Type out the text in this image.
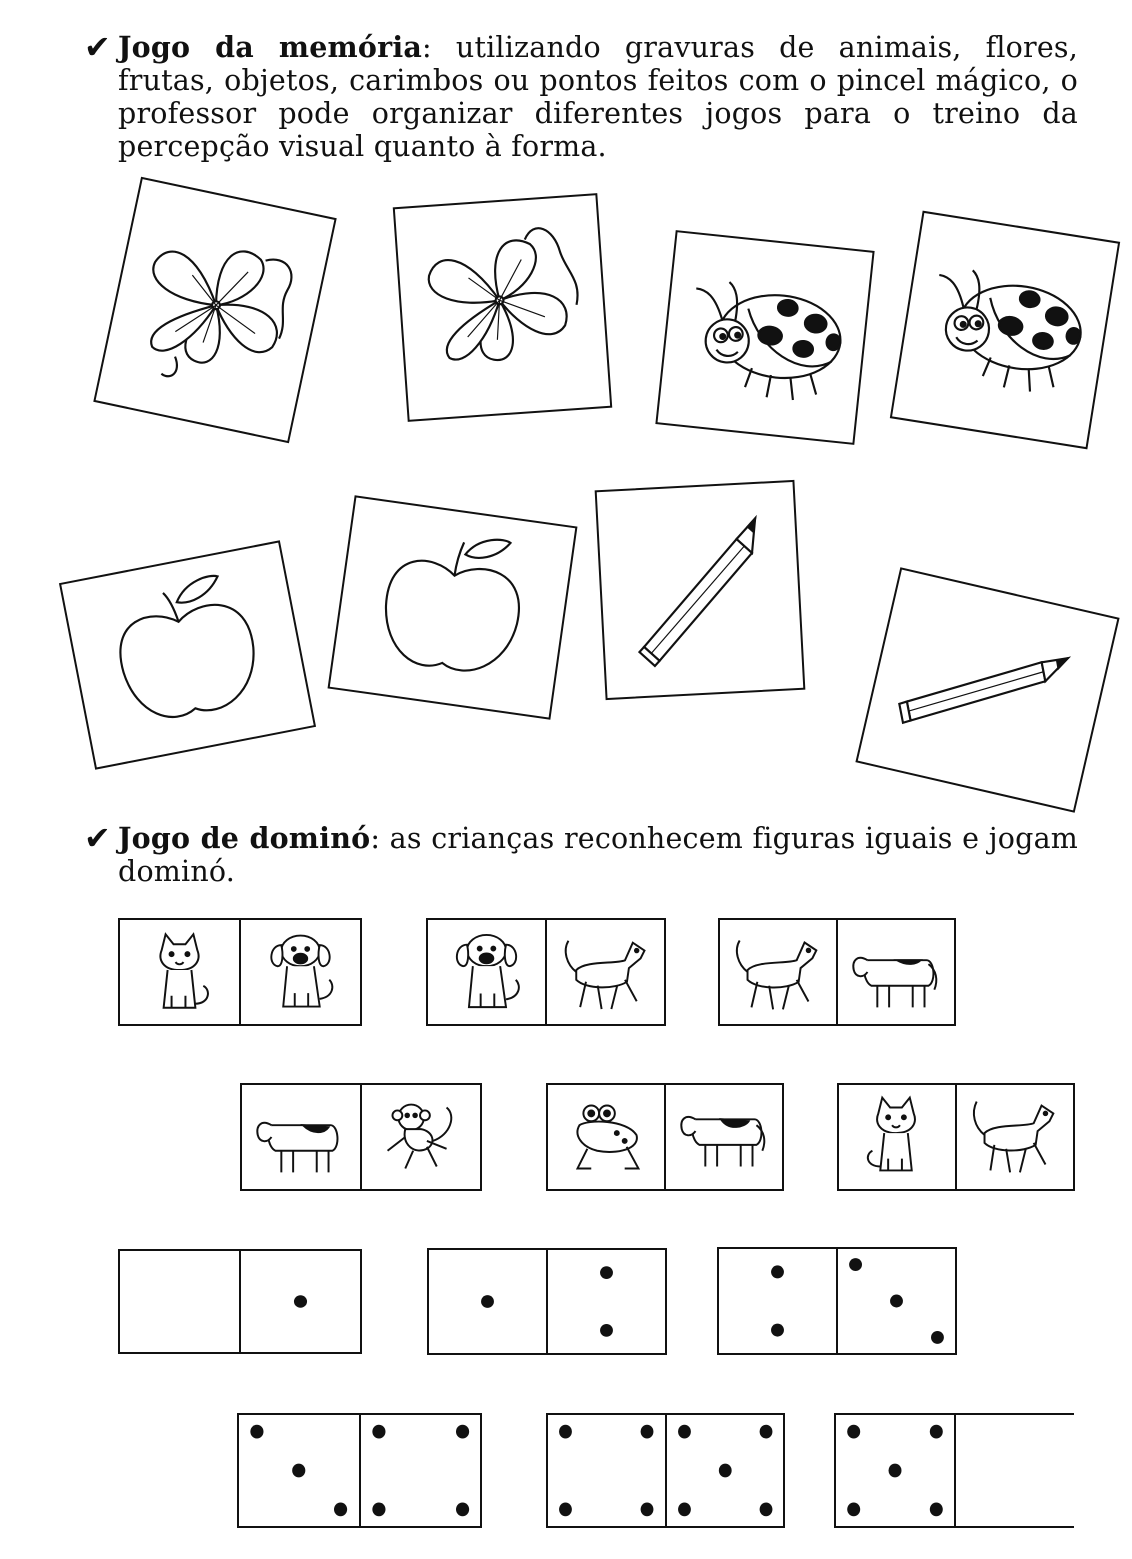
✔ Jogo da memória: utilizando gravuras de animais, flores, frutas, objetos, carimbos ou pontos feitos com o pincel mágico, o professor pode organizar diferentes jogos para o treino da percepção visual quanto à forma.
✔ Jogo de dominó: as crianças reconhecem figuras iguais e jogam dominó.
